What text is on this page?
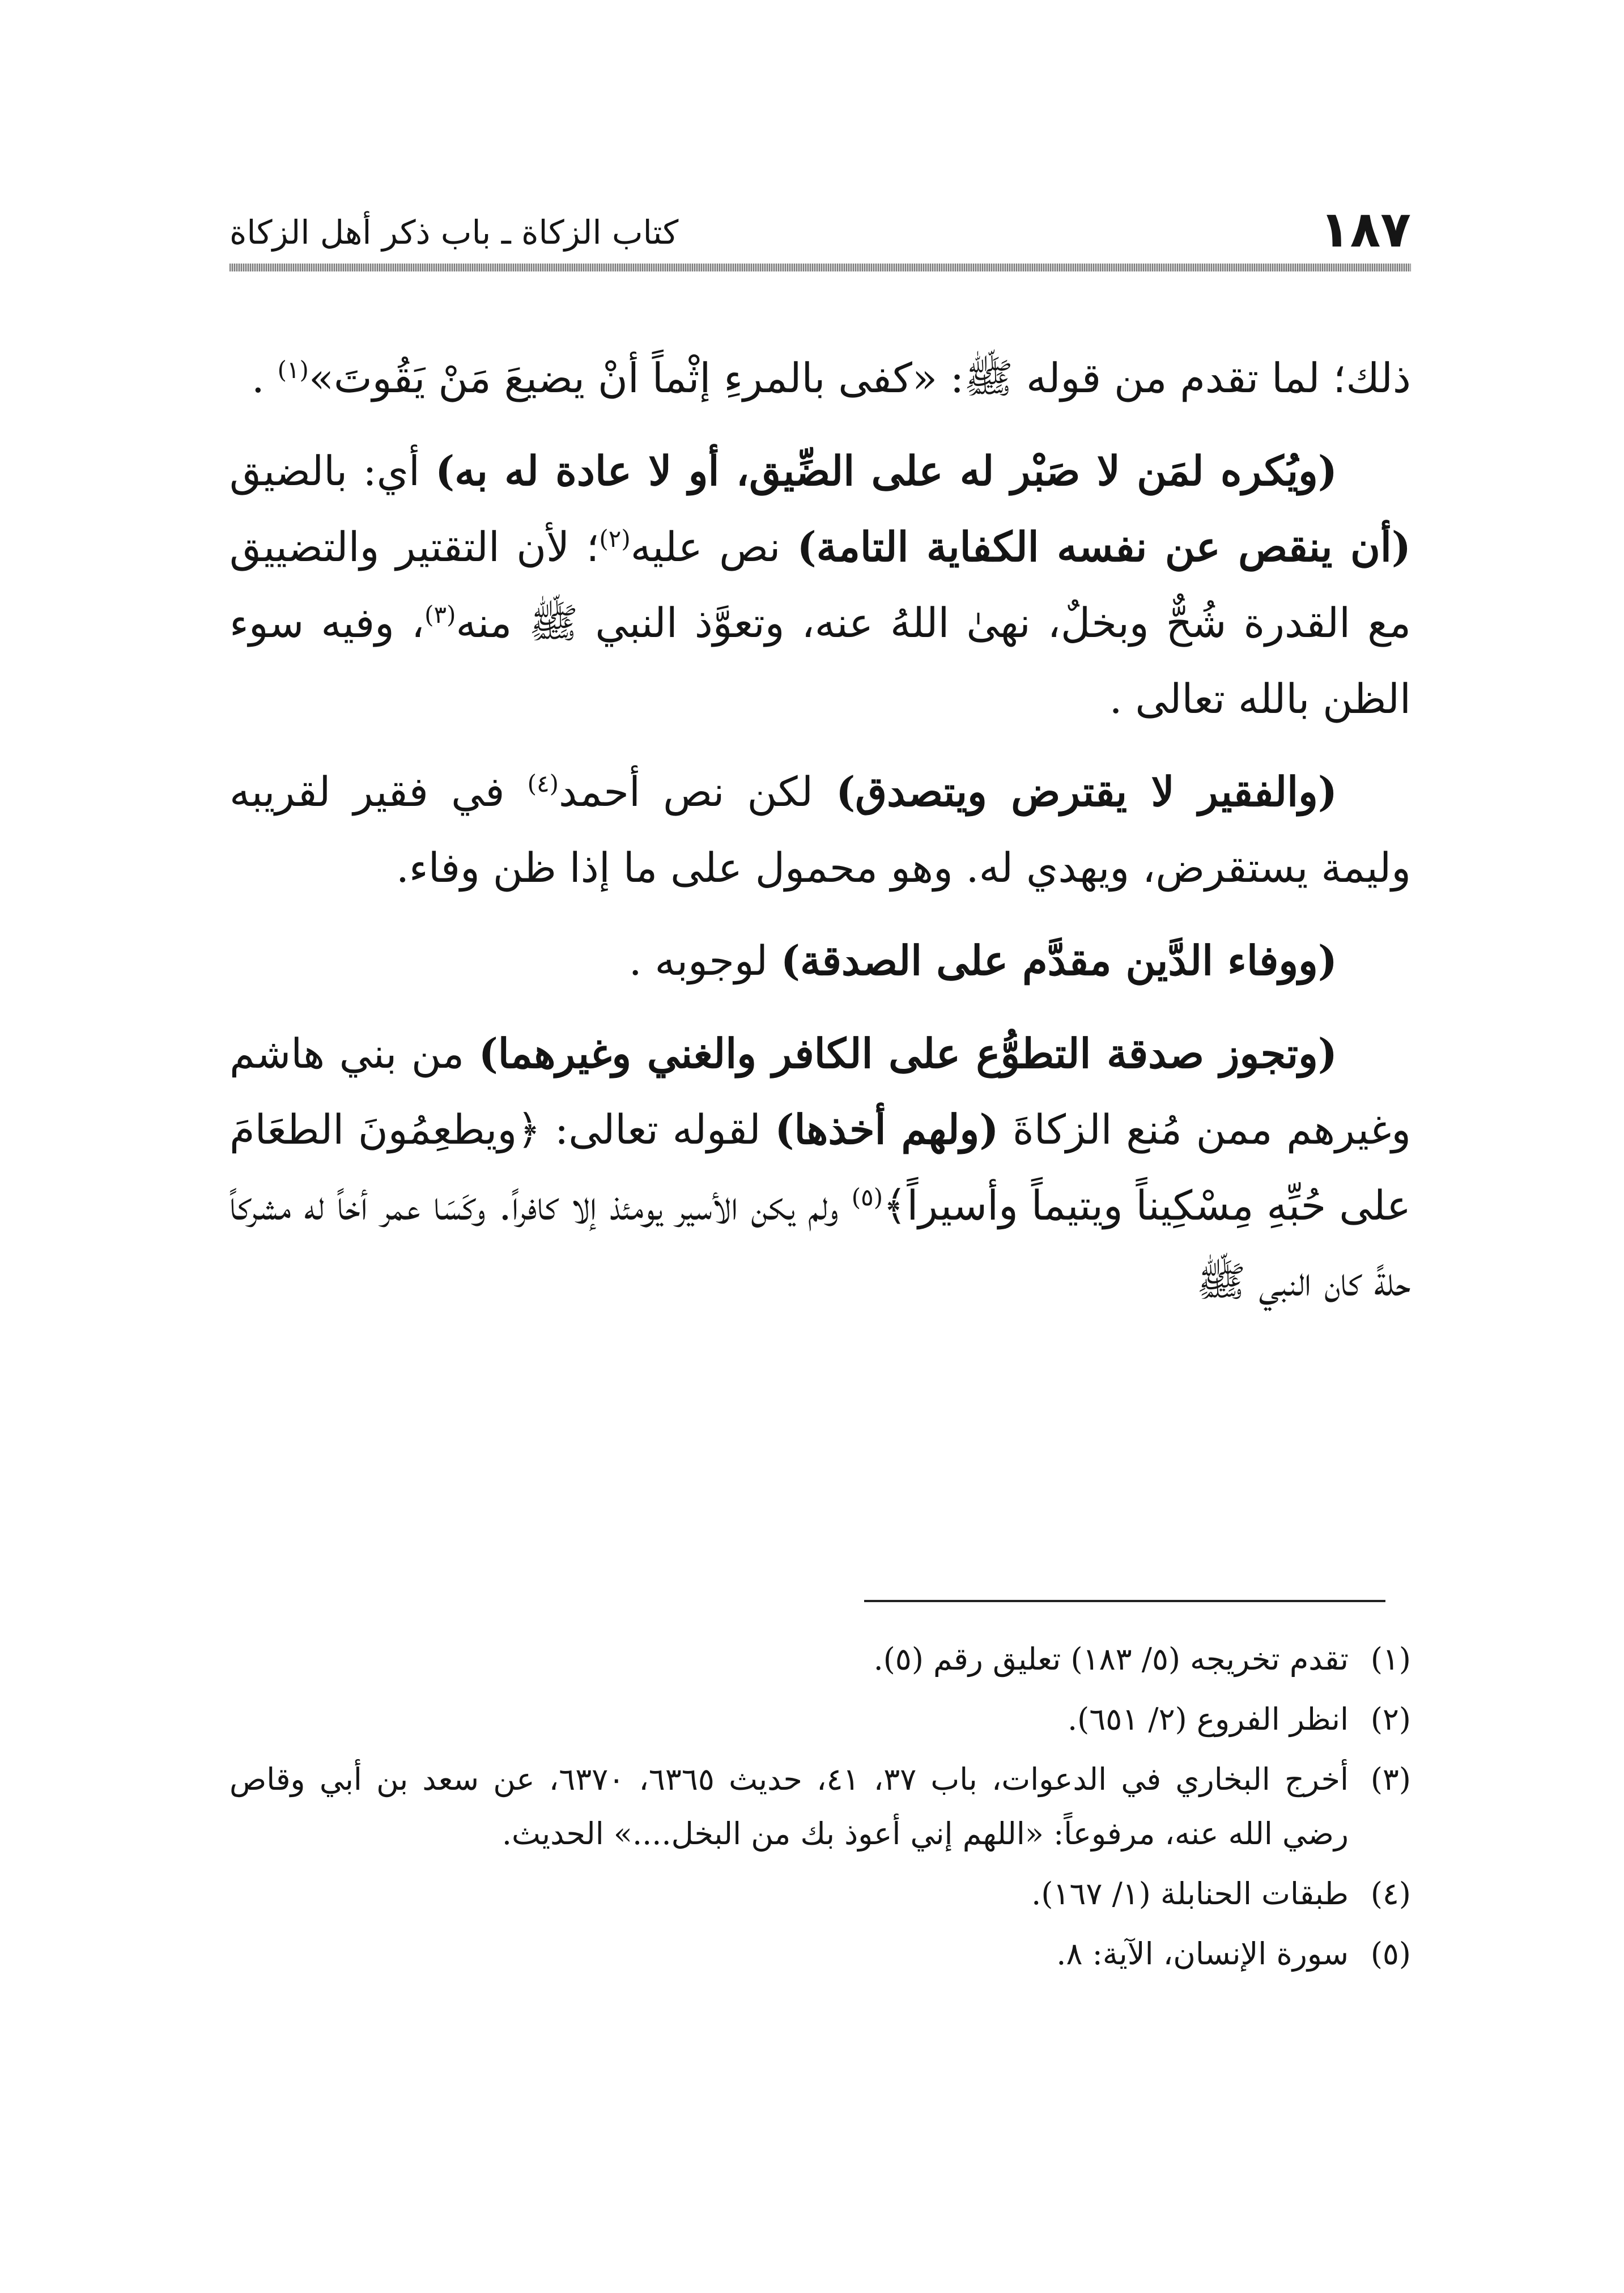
١٨٧
كتاب الزكاة ـ باب ذكر أهل الزكاة

ذلك؛ لما تقدم من قوله ﷺ: «كفى بالمرءِ إثْماً أنْ يضيعَ مَنْ يَقُوتَ»$^{(١)}$ .

(ويُكره لمَن لا صَبْر له على الضِّيق، أو لا عادة له به) أي: بالضيق (أن ينقص عن نفسه الكفاية التامة) نص عليه$^{(٢)}$؛ لأن التقتير والتضييق مع القدرة شُحٌّ وبخلٌ، نهىٰ اللهُ عنه، وتعوَّذ النبي ﷺ منه$^{(٣)}$، وفيه سوء الظن بالله تعالى .

(والفقير لا يقترض ويتصدق) لكن نص أحمد$^{(٤)}$ في فقير لقريبه وليمة يستقرض، ويهدي له. وهو محمول على ما إذا ظن وفاء.

(ووفاء الدَّين مقدَّم على الصدقة) لوجوبه .

(وتجوز صدقة التطوُّع على الكافر والغني وغيرهما) من بني هاشم وغيرهم ممن مُنع الزكاةَ (ولهم أخذها) لقوله تعالى: ﴿ويطعِمُونَ الطعَامَ على حُبِّهِ مِسْكِيناً ويتيماً وأسيراً﴾$^{(٥)}$ ولم يكن الأسير يومئذ إلا كافراً. وكَسَا عمر أخاً له مشركاً حلةً كان النبي ﷺ

(١)
تقدم تخريجه (٥/ ١٨٣) تعليق رقم (٥).
(٢)
انظر الفروع (٢/ ٦٥١).
(٣)
أخرج البخاري في الدعوات، باب ٣٧، ٤١، حديث ٦٣٦٥، ٦٣٧٠، عن سعد بن أبي وقاص رضي الله عنه، مرفوعاً: «اللهم إني أعوذ بك من البخل....» الحديث.
(٤)
طبقات الحنابلة (١/ ١٦٧).
(٥)
سورة الإنسان، الآية: ٨.
